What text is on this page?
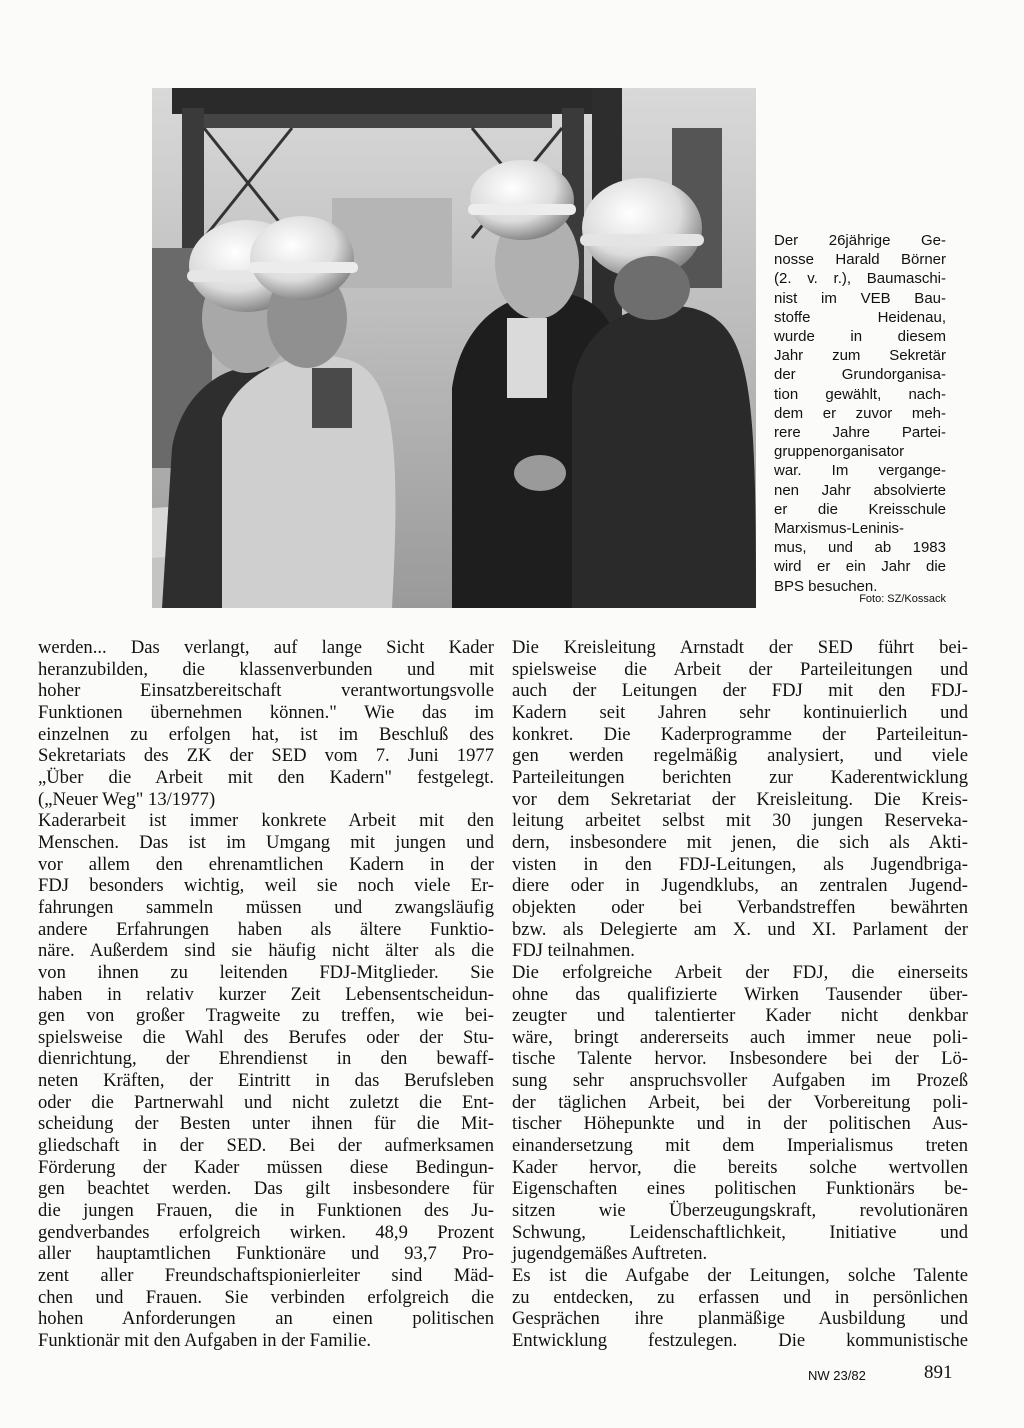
Der 26jährige Ge-
nosse Harald Börner
(2. v. r.), Baumaschi-
nist im VEB Bau-
stoffe Heidenau,
wurde in diesem
Jahr zum Sekretär
der Grundorganisa-
tion gewählt, nach-
dem er zuvor meh-
rere Jahre Partei-
gruppenorganisator
war. Im vergange-
nen Jahr absolvierte
er die Kreisschule
Marxismus-Leninis-
mus, und ab 1983
wird er ein Jahr die
BPS besuchen.
Foto: SZ/Kossack
werden... Das verlangt, auf lange Sicht Kader
heranzubilden, die klassenverbunden und mit
hoher Einsatzbereitschaft verantwortungsvolle
Funktionen übernehmen können." Wie das im
einzelnen zu erfolgen hat, ist im Beschluß des
Sekretariats des ZK der SED vom 7. Juni 1977
„Über die Arbeit mit den Kadern" festgelegt.
(„Neuer Weg" 13/1977)
Kaderarbeit ist immer konkrete Arbeit mit den
Menschen. Das ist im Umgang mit jungen und
vor allem den ehrenamtlichen Kadern in der
FDJ besonders wichtig, weil sie noch viele Er-
fahrungen sammeln müssen und zwangsläufig
andere Erfahrungen haben als ältere Funktio-
näre. Außerdem sind sie häufig nicht älter als die
von ihnen zu leitenden FDJ-Mitglieder. Sie
haben in relativ kurzer Zeit Lebensentscheidun-
gen von großer Tragweite zu treffen, wie bei-
spielsweise die Wahl des Berufes oder der Stu-
dienrichtung, der Ehrendienst in den bewaff-
neten Kräften, der Eintritt in das Berufsleben
oder die Partnerwahl und nicht zuletzt die Ent-
scheidung der Besten unter ihnen für die Mit-
gliedschaft in der SED. Bei der aufmerksamen
Förderung der Kader müssen diese Bedingun-
gen beachtet werden. Das gilt insbesondere für
die jungen Frauen, die in Funktionen des Ju-
gendverbandes erfolgreich wirken. 48,9 Prozent
aller hauptamtlichen Funktionäre und 93,7 Pro-
zent aller Freundschaftspionierleiter sind Mäd-
chen und Frauen. Sie verbinden erfolgreich die
hohen Anforderungen an einen politischen
Funktionär mit den Aufgaben in der Familie.
Die Kreisleitung Arnstadt der SED führt bei-
spielsweise die Arbeit der Parteileitungen und
auch der Leitungen der FDJ mit den FDJ-
Kadern seit Jahren sehr kontinuierlich und
konkret. Die Kaderprogramme der Parteileitun-
gen werden regelmäßig analysiert, und viele
Parteileitungen berichten zur Kaderentwicklung
vor dem Sekretariat der Kreisleitung. Die Kreis-
leitung arbeitet selbst mit 30 jungen Reserveka-
dern, insbesondere mit jenen, die sich als Akti-
visten in den FDJ-Leitungen, als Jugendbriga-
diere oder in Jugendklubs, an zentralen Jugend-
objekten oder bei Verbandstreffen bewährten
bzw. als Delegierte am X. und XI. Parlament der
FDJ teilnahmen.
Die erfolgreiche Arbeit der FDJ, die einerseits
ohne das qualifizierte Wirken Tausender über-
zeugter und talentierter Kader nicht denkbar
wäre, bringt andererseits auch immer neue poli-
tische Talente hervor. Insbesondere bei der Lö-
sung sehr anspruchsvoller Aufgaben im Prozeß
der täglichen Arbeit, bei der Vorbereitung poli-
tischer Höhepunkte und in der politischen Aus-
einandersetzung mit dem Imperialismus treten
Kader hervor, die bereits solche wertvollen
Eigenschaften eines politischen Funktionärs be-
sitzen wie Überzeugungskraft, revolutionären
Schwung, Leidenschaftlichkeit, Initiative und
jugendgemäßes Auftreten.
Es ist die Aufgabe der Leitungen, solche Talente
zu entdecken, zu erfassen und in persönlichen
Gesprächen ihre planmäßige Ausbildung und
Entwicklung festzulegen. Die kommunistische
NW 23/82	891
